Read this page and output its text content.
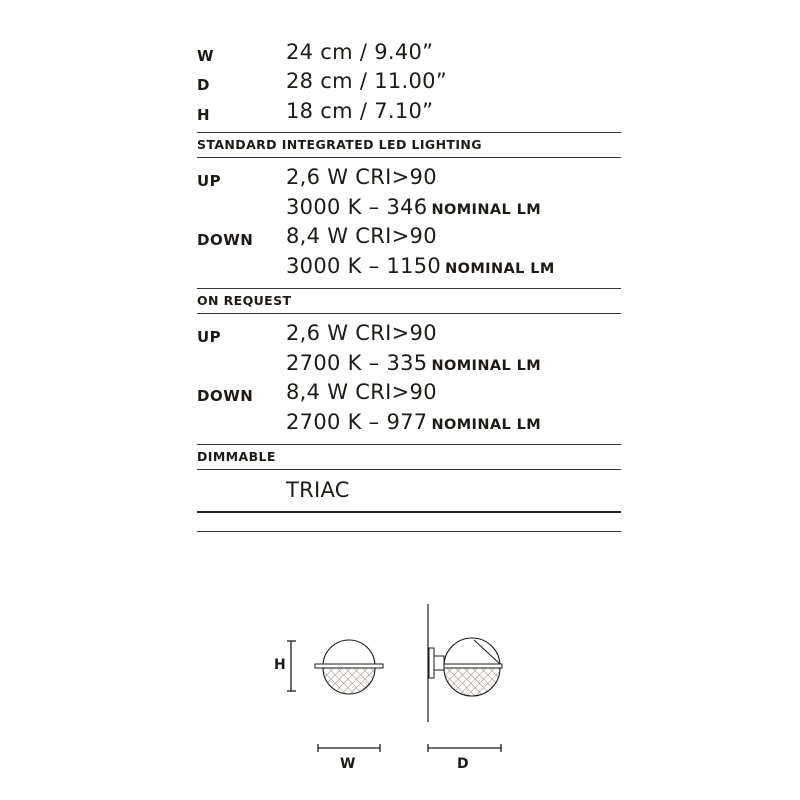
W	24 cm / 9.40”
D	28 cm / 11.00”
H	18 cm / 7.10”
STANDARD INTEGRATED LED LIGHTING
UP	2,6 W CRI>90
3000 K – 346 NOMINAL LM
DOWN 8,4 W CRI>90
3000 K – 1150 NOMINAL LM
ON REQUEST
UP	2,6 W CRI>90
2700 K – 335 NOMINAL LM
DOWN 8,4 W CRI>90
2700 K – 977 NOMINAL LM
DIMMABLE
TRIAC
H
W	D
